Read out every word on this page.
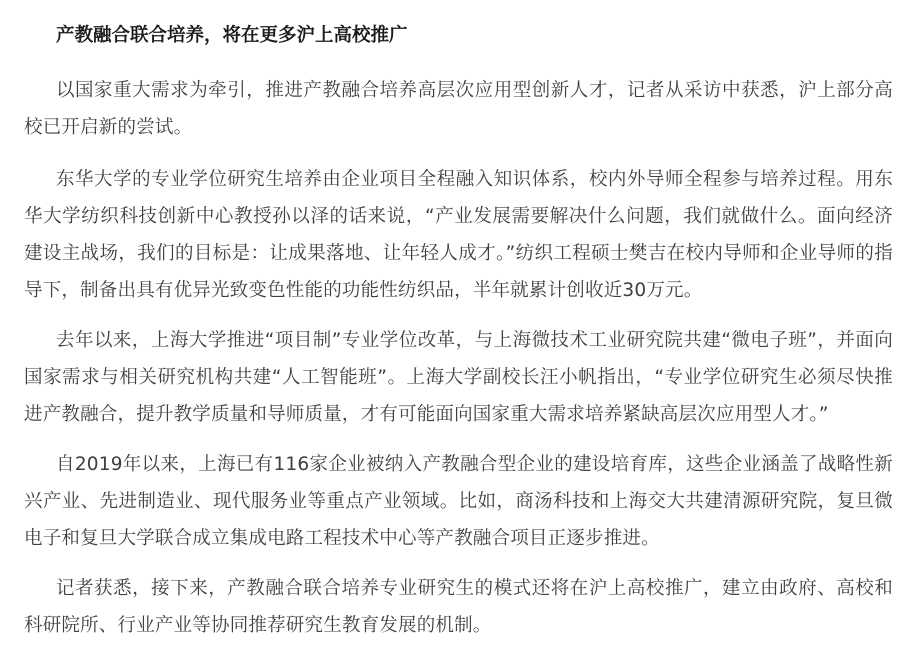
产教融合联合培养，将在更多沪上高校推广

以国家重大需求为牵引，推进产教融合培养高层次应用型创新人才，记者从采访中获悉，沪上部分高校已开启新的尝试。

东华大学的专业学位研究生培养由企业项目全程融入知识体系，校内外导师全程参与培养过程。用东华大学纺织科技创新中心教授孙以泽的话来说，“产业发展需要解决什么问题，我们就做什么。面向经济建设主战场，我们的目标是：让成果落地、让年轻人成才。”纺织工程硕士樊吉在校内导师和企业导师的指导下，制备出具有优异光致变色性能的功能性纺织品，半年就累计创收近30万元。

去年以来，上海大学推进“项目制”专业学位改革，与上海微技术工业研究院共建“微电子班”，并面向国家需求与相关研究机构共建“人工智能班”。上海大学副校长汪小帆指出，“专业学位研究生必须尽快推进产教融合，提升教学质量和导师质量，才有可能面向国家重大需求培养紧缺高层次应用型人才。”

自2019年以来，上海已有116家企业被纳入产教融合型企业的建设培育库，这些企业涵盖了战略性新兴产业、先进制造业、现代服务业等重点产业领域。比如，商汤科技和上海交大共建清源研究院，复旦微电子和复旦大学联合成立集成电路工程技术中心等产教融合项目正逐步推进。

记者获悉，接下来，产教融合联合培养专业研究生的模式还将在沪上高校推广，建立由政府、高校和科研院所、行业产业等协同推荐研究生教育发展的机制。
